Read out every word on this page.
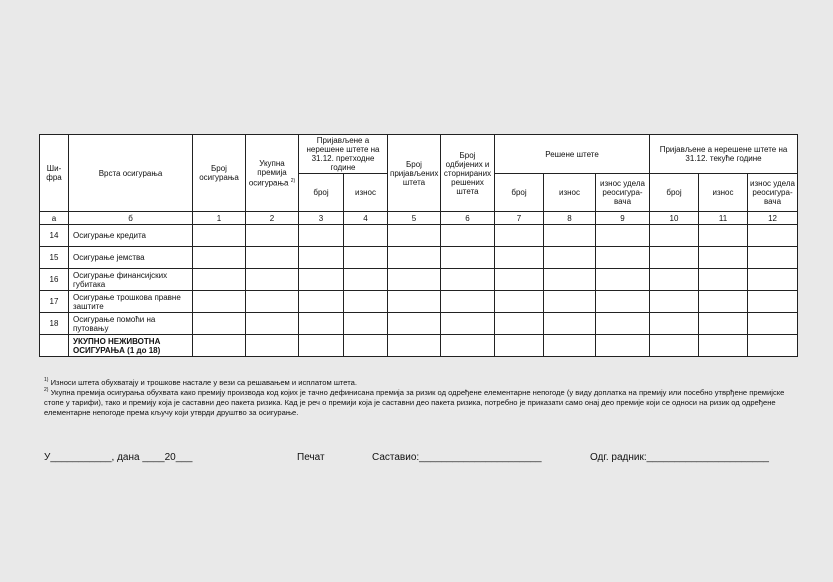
Ши-
фра	Врста осигурања	Број осигурања	Укупна премија осигурања $^{2)}$	Пријављене а нерешене штете на 31.12. претходне године		Број пријављених штета	Број одбијених и сторнираних решених штета	Решене штете			Пријављене а нерешене штете на 31.12. текуће године		
				број	износ			број	износ	износ удела реосигура-вача	број	износ	износ удела реосигура-вача
а	б	1	2	3	4	5	6	7	8	9	10	11	12
14	Осигурање кредита												
15	Осигурање јемства												
16	Осигурање финансијских губитака												
17	Осигурање трошкова правне заштите												
18	Осигурање помоћи на путовању												
	УКУПНО НЕЖИВОТНА ОСИГУРАЊА (1 до 18)												

$^{1)}$ Износи штета обухватају и трошкове настале у вези са решавањем и исплатом штета.

$^{2)}$ Укупна премија осигурања обухвата како премију производа код којих је тачно дефинисана премија за ризик од одређене елементарне непогоде (у виду доплатка на премију или посебно утврђене премијске стопе у тарифи), тако и премију која је саставни део пакета ризика. Кад је реч о премији која је саставни део пакета ризика, потребно је приказати само онај део премије који се односи на ризик од одређене елементарне непогоде према кључу који утврди друштво за осигурање.

У___________, дана ____20___	Печат	Саставио:______________________	Одг. радник:______________________
